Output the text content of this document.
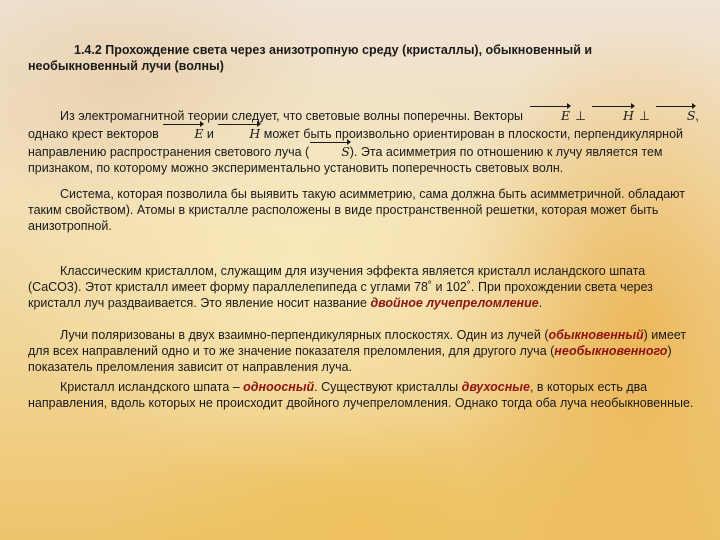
1.4.2 Прохождение света через анизотропную среду (кристаллы), обыкновенный и необыкновенный лучи (волны)

Из электромагнитной теории следует, что световые волны поперечны. Векторы	E ⊥	H ⊥	S, однако крест векторов	E и	H может быть произвольно ориентирован в плоскости, перпендикулярной направлению распространения светового луча (	S). Эта асимметрия по отношению к лучу является тем признаком, по которому можно экспериментально установить поперечность световых волн.

Система, которая позволила бы выявить такую асимметрию, сама должна быть асимметричной. обладают таким свойством). Атомы в кристалле расположены в виде пространственной решетки, которая может быть анизотропной.

Классическим кристаллом, служащим для изучения эффекта является кристалл исландского шпата (CaCO3). Этот кристалл имеет форму параллелепипеда с углами 78˚ и 102˚. При прохождении света через кристалл луч раздваивается. Это явление носит название двойное лучепреломление.

Лучи поляризованы в двух взаимно-перпендикулярных плоскостях. Один из лучей (обыкновенный) имеет для всех направлений одно и то же значение показателя преломления, для другого луча (необыкновенного) показатель преломления зависит от направления луча.

Кристалл исландского шпата – одноосный. Существуют кристаллы двухосные, в которых есть два направления, вдоль которых не происходит двойного лучепреломления. Однако тогда оба луча необыкновенные.
